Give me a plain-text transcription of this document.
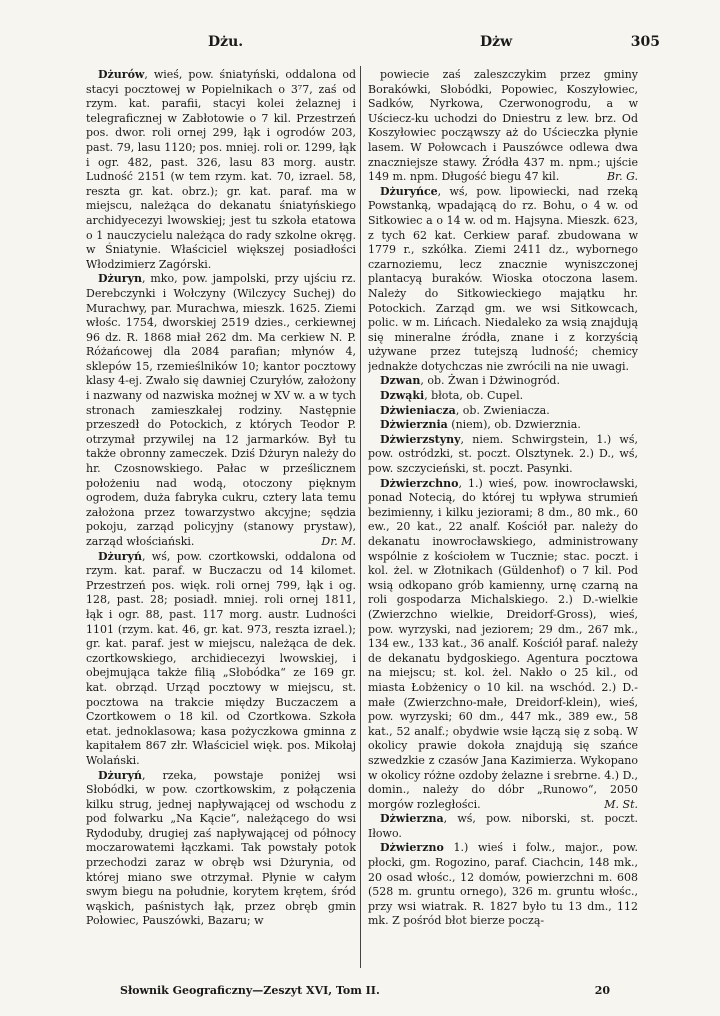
Dżu.	Dżw	305

Dżurów, wieś, pow. śniatyński, oddalona od stacyi pocztowej w Popielnikach o 3⁷7, zaś od rzym. kat. parafii, stacyi kolei żelaznej i telegraficznej w Zabłotowie o 7 kil. Przestrzeń pos. dwor. roli ornej 299, łąk i ogrodów 203, past. 79, lasu 1120; pos. mniej. roli or. 1299, łąk i ogr. 482, past. 326, lasu 83 morg. austr. Ludność 2151 (w tem rzym. kat. 70, izrael. 58, reszta gr. kat. obrz.); gr. kat. paraf. ma w miejscu, należąca do dekanatu śniatyńskiego archidyecezyi lwowskiej; jest tu szkoła etatowa o 1 nauczycielu należąca do rady szkolne okręg. w Śniatynie. Właściciel większej posiadłości Włodzimierz Zagórski.

Dżuryn, mko, pow. jampolski, przy ujściu rz. Derebczynki i Wołczyny (Wilczycy Suchej) do Murachwy, par. Murachwa, mieszk. 1625. Ziemi włośc. 1754, dworskiej 2519 dzies., cerkiewnej 96 dz. R. 1868 miał 262 dm. Ma cerkiew N. P. Różańcowej dla 2084 parafian; młynów 4, sklepów 15, rzemieślników 10; kantor pocztowy klasy 4-ej. Zwało się dawniej Czuryłów, założony i nazwany od nazwiska możnej w XV w. a w tych stronach zamieszkałej rodziny. Następnie przeszedł do Potockich, z których Teodor P. otrzymał przywilej na 12 jarmarków. Był tu także obronny zameczek. Dziś Dżuryn należy do hr. Czosnowskiego. Pałac w prześlicznem położeniu nad wodą, otoczony pięknym ogrodem, duża fabryka cukru, cztery lata temu założona przez towarzystwo akcyjne; sędzia pokoju, zarząd policyjny (stanowy prystaw), zarząd włościański.	Dr. M.

Dżuryń, wś, pow. czortkowski, oddalona od rzym. kat. paraf. w Buczaczu od 14 kilomet. Przestrzeń pos. więk. roli ornej 799, łąk i og. 128, past. 28; posiadł. mniej. roli ornej 1811, łąk i ogr. 88, past. 117 morg. austr. Ludności 1101 (rzym. kat. 46, gr. kat. 973, reszta izrael.); gr. kat. paraf. jest w miejscu, należąca de dek. czortkowskiego, archidiecezyi lwowskiej, i obejmująca także filią „Słobódka“ ze 169 gr. kat. obrząd. Urząd pocztowy w miejscu, st. pocztowa na trakcie między Buczaczem a Czortkowem o 18 kil. od Czortkowa. Szkoła etat. jednoklasowa; kasa pożyczkowa gminna z kapitałem 867 złr. Właściciel więk. pos. Mikołaj Wolański.

Dżuryń, rzeka, powstaje poniżej wsi Słobódki, w pow. czortkowskim, z połączenia kilku strug, jednej napływającej od wschodu z pod folwarku „Na Kącie“, należącego do wsi Rydoduby, drugiej zaś napływającej od północy moczarowatemi łączkami. Tak powstały potok przechodzi zaraz w obręb wsi Dżurynia, od której miano swe otrzymał. Płynie w całym swym biegu na południe, korytem krętem, śród wąskich, paśnistych łąk, przez obręb gmin Połowiec, Pauszówki, Bazaru; w

powiecie zaś zaleszczykim przez gminy Borakówki, Słobódki, Popowiec, Koszyłowiec, Sadków, Nyrkowa, Czerwonogrodu, a w Uściecz-ku uchodzi do Dniestru z lew. brz. Od Koszyłowiec począwszy aż do Uścieczka płynie lasem. W Połowcach i Pauszówce odlewa dwa znaczniejsze stawy. Źródła 437 m. npm.; ujście 149 m. npm. Długość biegu 47 kil.	Br. G.

Dżuryńce, wś, pow. lipowiecki, nad rzeką Powstanką, wpadającą do rz. Bohu, o 4 w. od Sitkowiec a o 14 w. od m. Hajsyna. Mieszk. 623, z tych 62 kat. Cerkiew paraf. zbudowana w 1779 r., szkółka. Ziemi 2411 dz., wybornego czarnoziemu, lecz znacznie wyniszczonej plantacyą buraków. Wioska otoczona lasem. Należy do Sitkowieckiego majątku hr. Potockich. Zarząd gm. we wsi Sitkowcach, polic. w m. Lińcach. Niedaleko za wsią znajdują się mineralne źródła, znane i z korzyścią używane przez tutejszą ludność; chemicy jednakże dotychczas nie zwrócili na nie uwagi.

Dzwan, ob. Żwan i Dżwinogród.

Dzwąki, błota, ob. Cupel.

Dżwieniacza, ob. Zwieniacza.

Dżwierznia (niem), ob. Dzwierznia.

Dżwierzstyny, niem. Schwirgstein, 1.) wś, pow. ostródzki, st. poczt. Olsztynek. 2.) D., wś, pow. szczycieński, st. poczt. Pasynki.

Dżwierzchno, 1.) wieś, pow. inowrocławski, ponad Notecią, do której tu wpływa strumień bezimienny, i kilku jeziorami; 8 dm., 80 mk., 60 ew., 20 kat., 22 analf. Kościół par. należy do dekanatu inowrocławskiego, administrowany wspólnie z kościołem w Tucznie; stac. poczt. i kol. żel. w Złotnikach (Güldenhof) o 7 kil. Pod wsią odkopano grób kamienny, urnę czarną na roli gospodarza Michalskiego. 2.) D.-wielkie (Zwierzchno wielkie, Dreidorf-Gross), wieś, pow. wyrzyski, nad jeziorem; 29 dm., 267 mk., 134 ew., 133 kat., 36 analf. Kościół paraf. należy de dekanatu bydgoskiego. Agentura pocztowa na miejscu; st. kol. żel. Nakło o 25 kil., od miasta Łobżenicy o 10 kil. na wschód. 2.) D.-małe (Zwierzchno-małe, Dreidorf-klein), wieś, pow. wyrzyski; 60 dm., 447 mk., 389 ew., 58 kat., 52 analf.; obydwie wsie łączą się z sobą. W okolicy prawie dokoła znajdują się szańce szwedzkie z czasów Jana Kazimierza. Wykopano w okolicy różne ozdoby żelazne i srebrne. 4.) D., domin., należy do dóbr „Runowo“, 2050 morgów rozległości.	M. St.

Dżwierzna, wś, pow. niborski, st. poczt. Iłowo.

Dżwierzno 1.) wieś i folw., major., pow. płocki, gm. Rogozino, paraf. Ciachcin, 148 mk., 20 osad włośc., 12 domów, powierzchni m. 608 (528 m. gruntu ornego), 326 m. gruntu włośc., przy wsi wiatrak. R. 1827 było tu 13 dm., 112 mk. Z pośród błot bierze począ-

Słownik Geograficzny—Zeszyt XVI, Tom II.	20
